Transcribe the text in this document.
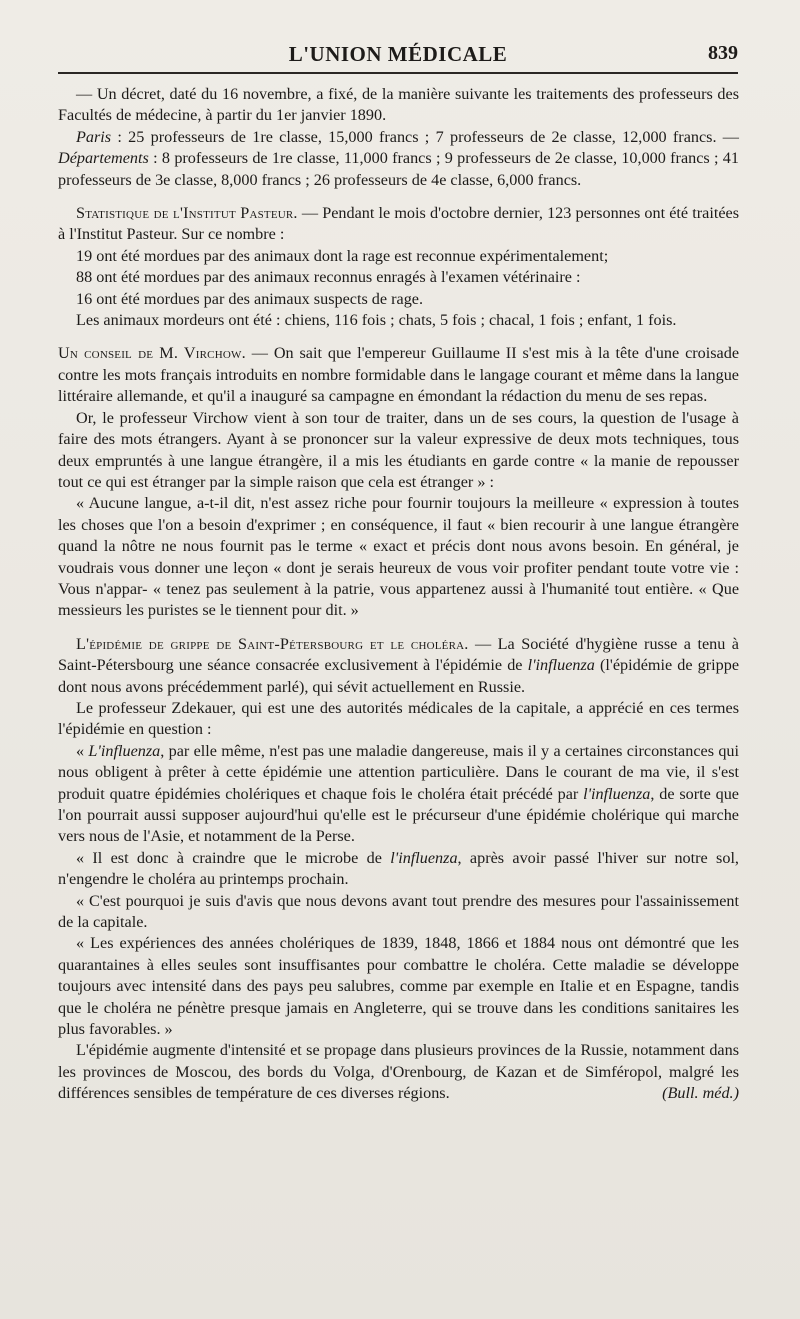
L'UNION MÉDICALE	839

— Un décret, daté du 16 novembre, a fixé, de la manière suivante les traitements des professeurs des Facultés de médecine, à partir du 1er janvier 1890.

Paris : 25 professeurs de 1re classe, 15,000 francs ; 7 professeurs de 2e classe, 12,000 francs. — Départements : 8 professeurs de 1re classe, 11,000 francs ; 9 professeurs de 2e classe, 10,000 francs ; 41 professeurs de 3e classe, 8,000 francs ; 26 professeurs de 4e classe, 6,000 francs.

Statistique de l'Institut Pasteur. — Pendant le mois d'octobre dernier, 123 personnes ont été traitées à l'Institut Pasteur. Sur ce nombre :

19 ont été mordues par des animaux dont la rage est reconnue expérimentalement;

88 ont été mordues par des animaux reconnus enragés à l'examen vétérinaire :

16 ont été mordues par des animaux suspects de rage.

Les animaux mordeurs ont été : chiens, 116 fois ; chats, 5 fois ; chacal, 1 fois ; enfant, 1 fois.

Un conseil de M. Virchow. — On sait que l'empereur Guillaume II s'est mis à la tête d'une croisade contre les mots français introduits en nombre formidable dans le langage courant et même dans la langue littéraire allemande, et qu'il a inauguré sa campagne en émondant la rédaction du menu de ses repas.

Or, le professeur Virchow vient à son tour de traiter, dans un de ses cours, la question de l'usage à faire des mots étrangers. Ayant à se prononcer sur la valeur expressive de deux mots techniques, tous deux empruntés à une langue étrangère, il a mis les étudiants en garde contre « la manie de repousser tout ce qui est étranger par la simple raison que cela est étranger » :

« Aucune langue, a-t-il dit, n'est assez riche pour fournir toujours la meilleure « expression à toutes les choses que l'on a besoin d'exprimer ; en conséquence, il faut « bien recourir à une langue étrangère quand la nôtre ne nous fournit pas le terme « exact et précis dont nous avons besoin. En général, je voudrais vous donner une leçon « dont je serais heureux de vous voir profiter pendant toute votre vie : Vous n'appar- « tenez pas seulement à la patrie, vous appartenez aussi à l'humanité tout entière. « Que messieurs les puristes se le tiennent pour dit. »

L'épidémie de grippe de Saint-Pétersbourg et le choléra. — La Société d'hygiène russe a tenu à Saint-Pétersbourg une séance consacrée exclusivement à l'épidémie de l'influenza (l'épidémie de grippe dont nous avons précédemment parlé), qui sévit actuellement en Russie.

Le professeur Zdekauer, qui est une des autorités médicales de la capitale, a apprécié en ces termes l'épidémie en question :

« L'influenza, par elle même, n'est pas une maladie dangereuse, mais il y a certaines circonstances qui nous obligent à prêter à cette épidémie une attention particulière. Dans le courant de ma vie, il s'est produit quatre épidémies cholériques et chaque fois le choléra était précédé par l'influenza, de sorte que l'on pourrait aussi supposer aujourd'hui qu'elle est le précurseur d'une épidémie cholérique qui marche vers nous de l'Asie, et notamment de la Perse.

« Il est donc à craindre que le microbe de l'influenza, après avoir passé l'hiver sur notre sol, n'engendre le choléra au printemps prochain.

« C'est pourquoi je suis d'avis que nous devons avant tout prendre des mesures pour l'assainissement de la capitale.

« Les expériences des années cholériques de 1839, 1848, 1866 et 1884 nous ont démontré que les quarantaines à elles seules sont insuffisantes pour combattre le choléra. Cette maladie se développe toujours avec intensité dans des pays peu salubres, comme par exemple en Italie et en Espagne, tandis que le choléra ne pénètre presque jamais en Angleterre, qui se trouve dans les conditions sanitaires les plus favorables. »

L'épidémie augmente d'intensité et se propage dans plusieurs provinces de la Russie, notamment dans les provinces de Moscou, des bords du Volga, d'Orenbourg, de Kazan et de Simféropol, malgré les différences sensibles de température de ces diverses régions.	(Bull. méd.)
